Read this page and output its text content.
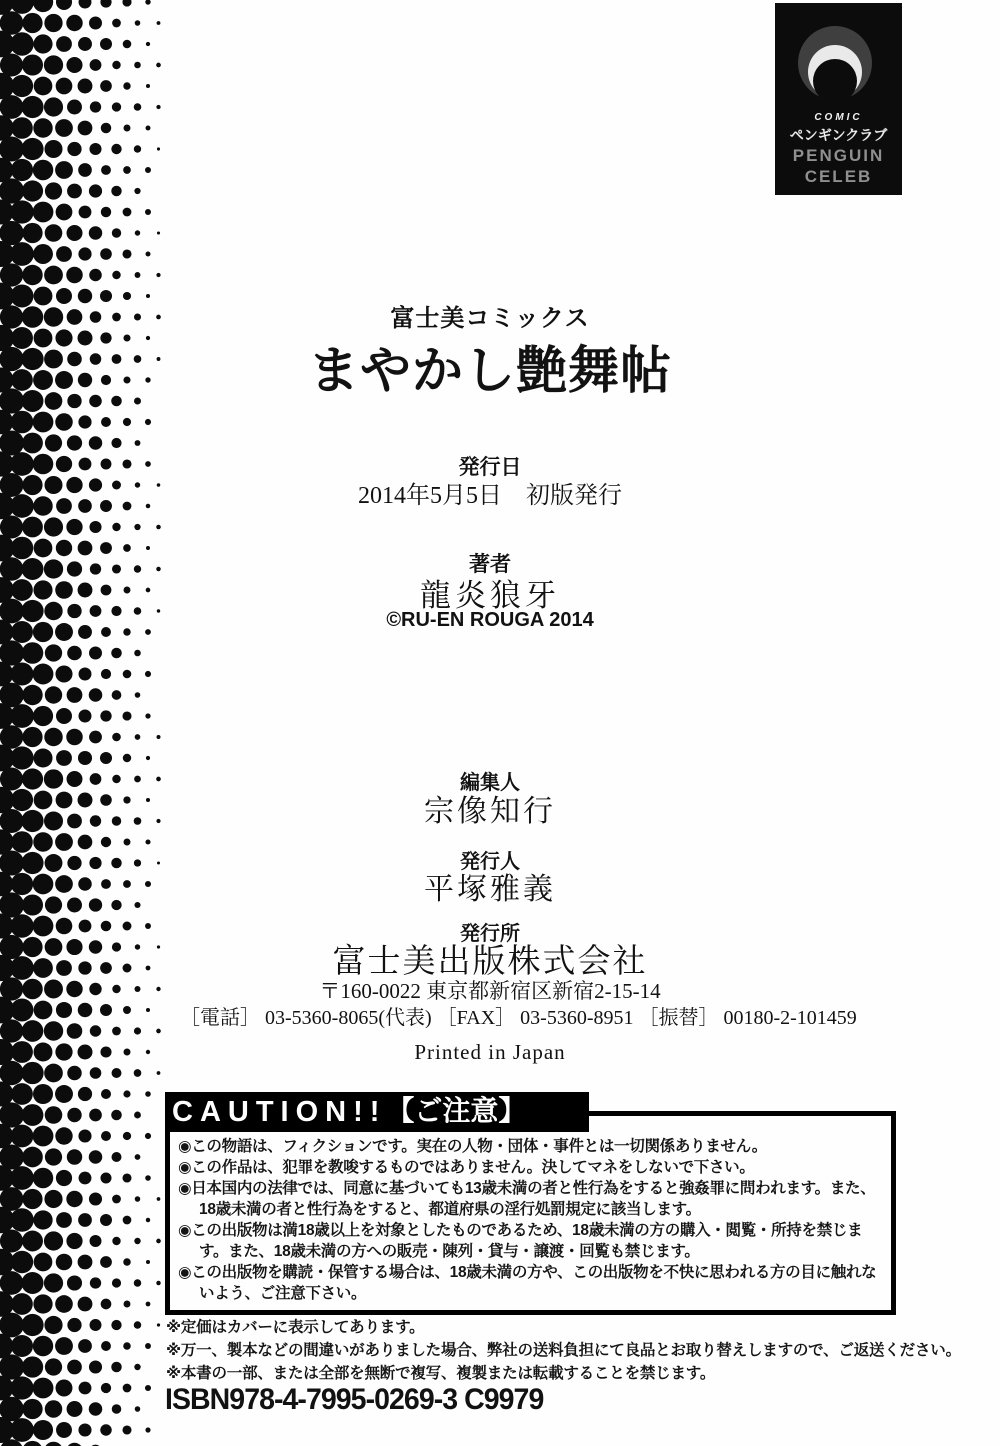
COMIC
ペンギンクラブ
PENGUIN
CELEB
富士美コミックス
まやかし艶舞帖
発行日
2014年5月5日　初版発行
著者
龍炎狼牙
©RU-EN ROUGA 2014
編集人
宗像知行
発行人
平塚雅義
発行所
富士美出版株式会社
〒160-0022 東京都新宿区新宿2-15-14
［電話］ 03-5360-8065(代表) ［FAX］ 03-5360-8951 ［振替］ 00180-2-101459
Printed in Japan
CAUTION!! 【ご注意】
◉この物語は、フィクションです。実在の人物・団体・事件とは一切関係ありません。
◉この作品は、犯罪を教唆するものではありません。決してマネをしないで下さい。
◉日本国内の法律では、同意に基づいても13歳未満の者と性行為をすると強姦罪に問われます。また、18歳未満の者と性行為をすると、都道府県の淫行処罰規定に該当します。
◉この出版物は満18歳以上を対象としたものであるため、18歳未満の方の購入・閲覧・所持を禁じます。また、18歳未満の方への販売・陳列・貸与・譲渡・回覧も禁じます。
◉この出版物を購読・保管する場合は、18歳未満の方や、この出版物を不快に思われる方の目に触れないよう、ご注意下さい。
※定価はカバーに表示してあります。
※万一、製本などの間違いがありました場合、弊社の送料負担にて良品とお取り替えしますので、ご返送ください。
※本書の一部、または全部を無断で複写、複製または転載することを禁じます。
ISBN978-4-7995-0269-3 C9979
